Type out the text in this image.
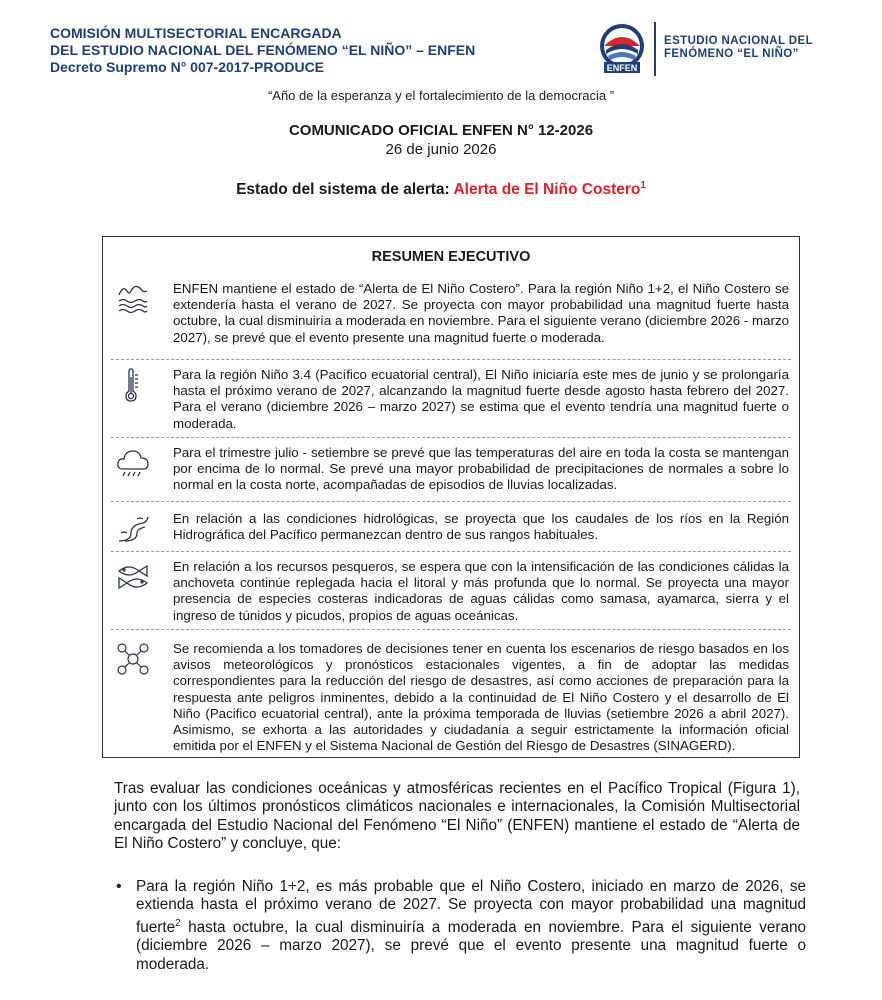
COMISIÓN MULTISECTORIAL ENCARGADA
DEL ESTUDIO NACIONAL DEL FENÓMENO “EL NIÑO” – ENFEN
Decreto Supremo N° 007-2017-PRODUCE	ENFEN
ESTUDIO NACIONAL DEL
FENÓMENO “EL NIÑO”
“Año de la esperanza y el fortalecimiento de la democracia ”
COMUNICADO OFICIAL ENFEN N° 12-2026
26 de junio 2026
Estado del sistema de alerta: Alerta de El Niño Costero$^1$
RESUMEN EJECUTIVO
ENFEN mantiene el estado de “Alerta de El Niño Costero”. Para la región Niño 1+2, el Niño Costero se extendería hasta el verano de 2027. Se proyecta con mayor probabilidad una magnitud fuerte hasta octubre, la cual disminuiría a moderada en noviembre. Para el siguiente verano (diciembre 2026 - marzo 2027), se prevé que el evento presente una magnitud fuerte o moderada.
Para la región Niño 3.4 (Pacífico ecuatorial central), El Niño iniciaría este mes de junio y se prolongaría hasta el próximo verano de 2027, alcanzando la magnitud fuerte desde agosto hasta febrero del 2027. Para el verano (diciembre 2026 – marzo 2027) se estima que el evento tendría una magnitud fuerte o moderada.
Para el trimestre julio - setiembre se prevé que las temperaturas del aire en toda la costa se mantengan por encima de lo normal. Se prevé una mayor probabilidad de precipitaciones de normales a sobre lo normal en la costa norte, acompañadas de episodios de lluvias localizadas.
En relación a las condiciones hidrológicas, se proyecta que los caudales de los ríos en la Región Hidrográfica del Pacífico permanezcan dentro de sus rangos habituales.
En relación a los recursos pesqueros, se espera que con la intensificación de las condiciones cálidas la anchoveta continúe replegada hacia el litoral y más profunda que lo normal. Se proyecta una mayor presencia de especies costeras indicadoras de aguas cálidas como samasa, ayamarca, sierra y el ingreso de túnidos y picudos, propios de aguas oceánicas.
Se recomienda a los tomadores de decisiones tener en cuenta los escenarios de riesgo basados en los avisos meteorológicos y pronósticos estacionales vigentes, a fin de adoptar las medidas correspondientes para la reducción del riesgo de desastres, así como acciones de preparación para la respuesta ante peligros inminentes, debido a la continuidad de El Niño Costero y el desarrollo de El Niño (Pacifico ecuatorial central), ante la próxima temporada de lluvias (setiembre 2026 a abril 2027). Asimismo, se exhorta a las autoridades y ciudadanía a seguir estrictamente la información oficial emitida por el ENFEN y el Sistema Nacional de Gestión del Riesgo de Desastres (SINAGERD).
Tras evaluar las condiciones oceánicas y atmosféricas recientes en el Pacífico Tropical (Figura 1), junto con los últimos pronósticos climáticos nacionales e internacionales, la Comisión Multisectorial encargada del Estudio Nacional del Fenómeno “El Niño” (ENFEN) mantiene el estado de “Alerta de El Niño Costero” y concluye, que:
• Para la región Niño 1+2, es más probable que el Niño Costero, iniciado en marzo de 2026, se extienda hasta el próximo verano de 2027. Se proyecta con mayor probabilidad una magnitud fuerte$^2$ hasta octubre, la cual disminuiría a moderada en noviembre. Para el siguiente verano (diciembre 2026 – marzo 2027), se prevé que el evento presente una magnitud fuerte o moderada.
